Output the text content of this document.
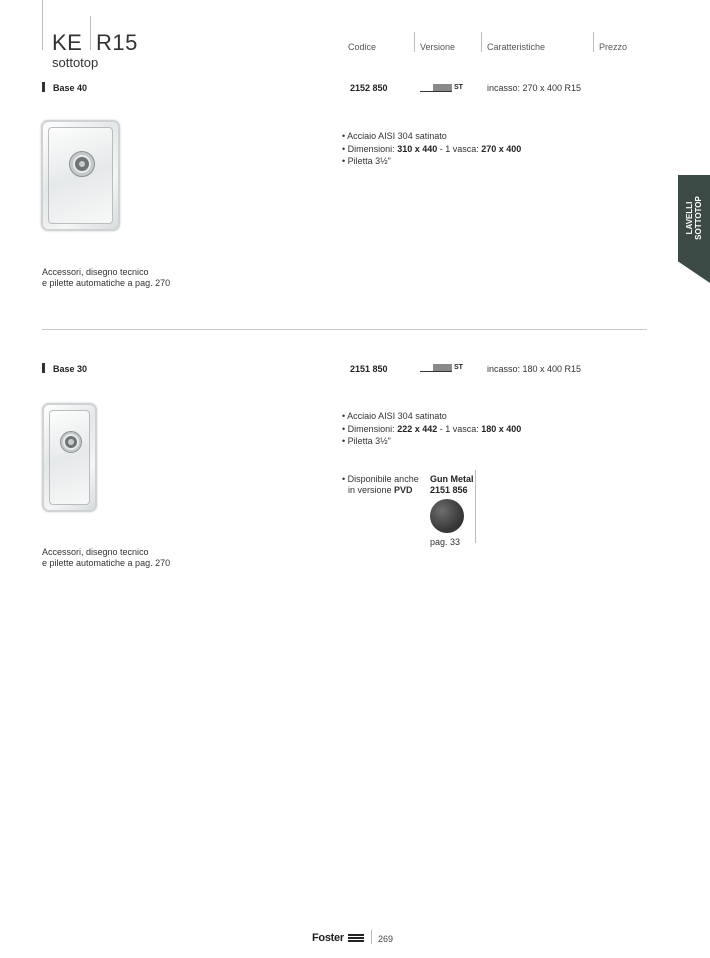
KE R15
sottotop
Codice	Versione	Caratteristiche	Prezzo
LAVELLI SOTTOTOP
Base 40	2152 850	ST	incasso: 270 x 400 R15
• Acciaio AISI 304 satinato
• Dimensioni: 310 x 440 - 1 vasca: 270 x 400
• Piletta 3½"
Accessori, disegno tecnico
e pilette automatiche a pag. 270
Base 30	2151 850	ST	incasso: 180 x 400 R15
• Acciaio AISI 304 satinato
• Dimensioni: 222 x 442 - 1 vasca: 180 x 400
• Piletta 3½"
• Disponibile anche
in versione PVD
Gun Metal
2151 856
pag. 33
Accessori, disegno tecnico
e pilette automatiche a pag. 270
Foster	269
